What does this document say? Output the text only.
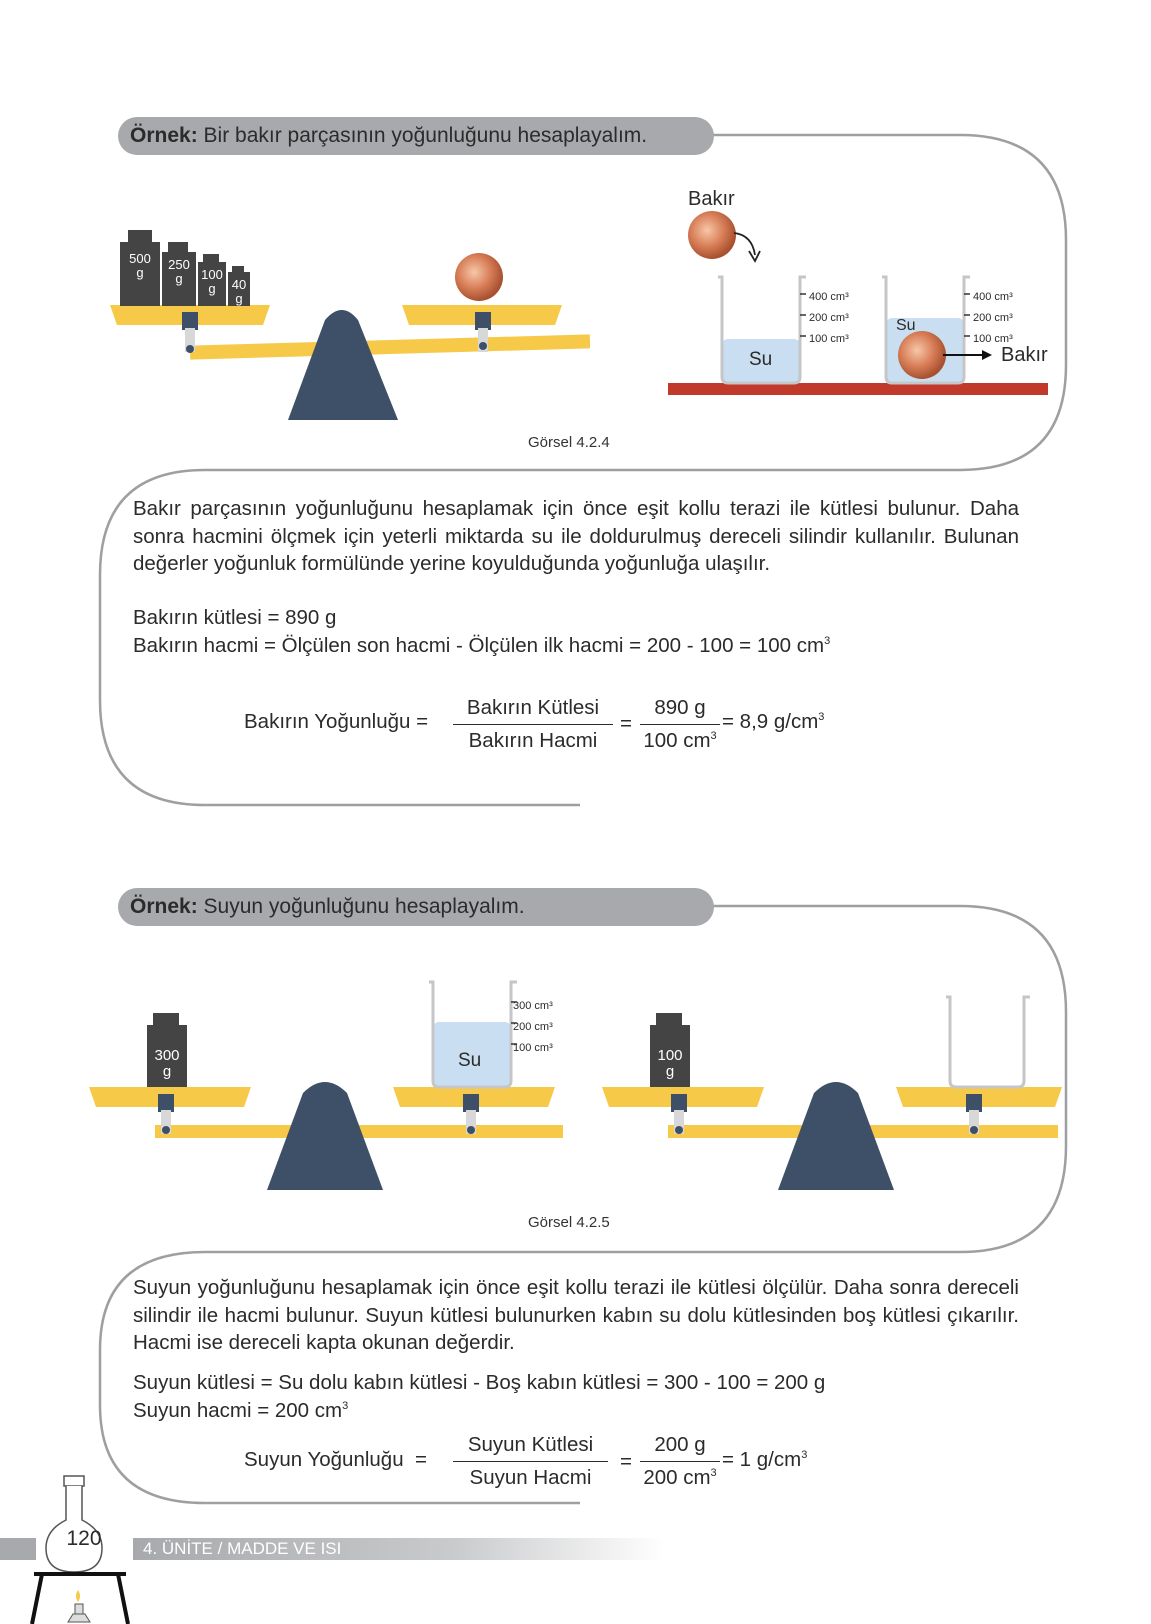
Örnek: Bir bakır parçasının yoğunluğunu hesaplayalım.
500
g
250
g	100
g	40
g
Bakır
400 cm³
200 cm³
100 cm³
400 cm³
200 cm³
100 cm³
Su
Su
Bakır
Görsel 4.2.4
Bakır parçasının yoğunluğunu hesaplamak için önce eşit kollu terazi ile kütlesi bulunur. Daha sonra hacmini ölçmek için yeterli miktarda su ile doldurulmuş dereceli silindir kullanılır. Bulunan değerler yoğunluk formülünde yerine koyulduğunda yoğunluğa ulaşılır.
Bakırın kütlesi = 890 g
Bakırın hacmi = Ölçülen son hacmi - Ölçülen ilk hacmi = 200 - 100 = 100 $cm^3$
Bakırın Yoğunluğu =
Bakırın Kütlesi
Bakırın Hacmi
= $\frac{890 g}{100 cm^3} = 8,9$ $g/cm^3$
Örnek: Suyun yoğunluğunu hesaplayalım.
300
g
300 cm³
200 cm³
100 cm³
Su	100
g
Görsel 4.2.5
Suyun yoğunluğunu hesaplamak için önce eşit kollu terazi ile kütlesi ölçülür. Daha sonra dereceli silindir ile hacmi bulunur. Suyun kütlesi bulunurken kabın su dolu kütlesinden boş kütlesi çıkarılır. Hacmi ise dereceli kapta okunan değerdir.
Suyun kütlesi = Su dolu kabın kütlesi - Boş kabın kütlesi = 300 - 100 = 200 g
Suyun hacmi = 200 $cm^3$
Suyun Yoğunluğu  =
Suyun Kütlesi
Suyun Hacmi
= $\frac{200 g}{200 cm^3} = 1$ $g/cm^3$
120	4. ÜNİTE / MADDE VE ISI
